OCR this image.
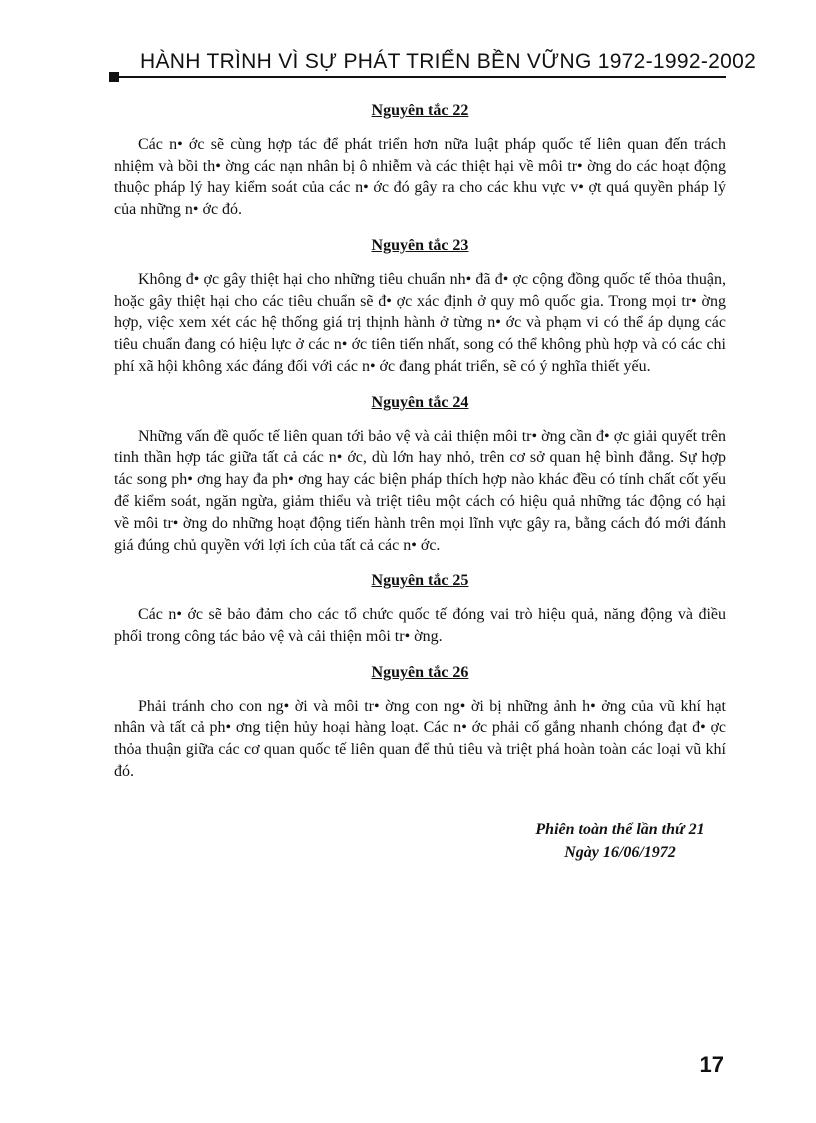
HÀNH TRÌNH VÌ SỰ PHÁT TRIỂN BỀN VỮNG 1972-1992-2002

Nguyên tắc 22

Các n• ớc sẽ cùng hợp tác để phát triển hơn nữa luật pháp quốc tế liên quan đến trách nhiệm và bồi th• ờng các nạn nhân bị ô nhiễm và các thiệt hại về môi tr• ờng do các hoạt động thuộc pháp lý hay kiểm soát của các n• ớc đó gây ra cho các khu vực v• ợt quá quyền pháp lý của những n• ớc đó.

Nguyên tắc 23

Không đ• ợc gây thiệt hại cho những tiêu chuẩn nh• đã đ• ợc cộng đồng quốc tế thỏa thuận, hoặc gây thiệt hại cho các tiêu chuẩn sẽ đ• ợc xác định ở quy mô quốc gia. Trong mọi tr• ờng hợp, việc xem xét các hệ thống giá trị thịnh hành ở từng n• ớc và phạm vi có thể áp dụng các tiêu chuẩn đang có hiệu lực ở các n• ớc tiên tiến nhất, song có thể không phù hợp và có các chi phí xã hội không xác đáng đối với các n• ớc đang phát triển, sẽ có ý nghĩa thiết yếu.

Nguyên tắc 24

Những vấn đề quốc tế liên quan tới bảo vệ và cải thiện môi tr• ờng cần đ• ợc giải quyết trên tinh thần hợp tác giữa tất cả các n• ớc, dù lớn hay nhỏ, trên cơ sở quan hệ bình đẳng. Sự hợp tác song ph• ơng hay đa ph• ơng hay các biện pháp thích hợp nào khác đều có tính chất cốt yếu để kiểm soát, ngăn ngừa, giảm thiểu và triệt tiêu một cách có hiệu quả những tác động có hại về môi tr• ờng do những hoạt động tiến hành trên mọi lĩnh vực gây ra, bằng cách đó mới đánh giá đúng chủ quyền với lợi ích của tất cả các n• ớc.

Nguyên tắc 25

Các n• ớc sẽ bảo đảm cho các tổ chức quốc tế đóng vai trò hiệu quả, năng động và điều phối trong công tác bảo vệ và cải thiện môi tr• ờng.

Nguyên tắc 26

Phải tránh cho con ng• ời và môi tr• ờng con ng• ời bị những ảnh h• ởng của vũ khí hạt nhân và tất cả ph• ơng tiện hủy hoại hàng loạt. Các n• ớc phải cố gắng nhanh chóng đạt đ• ợc thỏa thuận giữa các cơ quan quốc tế liên quan để thủ tiêu và triệt phá hoàn toàn các loại vũ khí đó.

Phiên toàn thể lần thứ 21
Ngày 16/06/1972
17
